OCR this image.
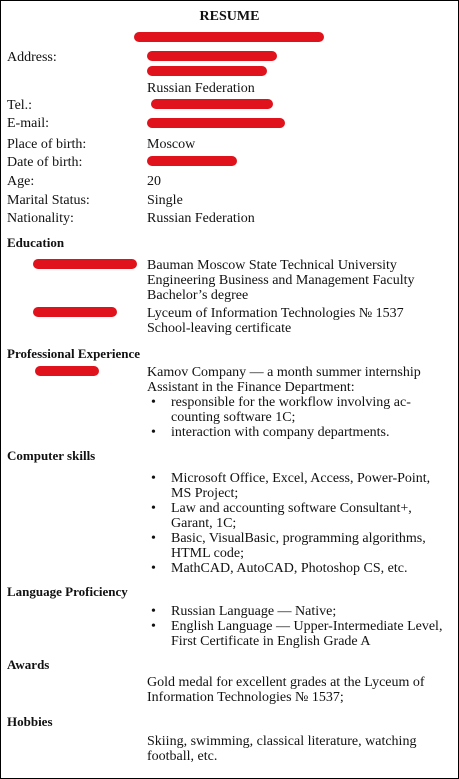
RESUME
Address:
Russian Federation
Tel.:
E-mail:
Place of birth:	Moscow
Date of birth:
Age:	20
Marital Status:	Single
Nationality:	Russian Federation
Education
Bauman Moscow State Technical University
Engineering Business and Management Faculty
Bachelor’s degree
Lyceum of Information Technologies № 1537
School-leaving certificate
Professional Experience
Kamov Company — a month summer internship
Assistant in the Finance Department:
• responsible for the workflow involving ac-counting software 1C;
• interaction with company departments.
Computer skills
• Microsoft Office, Excel, Access, Power-Point, MS Project;
• Law and accounting software Consultant+, Garant, 1C;
• Basic, VisualBasic, programming algorithms, HTML code;
• MathCAD, AutoCAD, Photoshop CS, etc.
Language Proficiency
• Russian Language — Native;
• English Language — Upper-Intermediate Level, First Certificate in English Grade A
Awards
Gold medal for excellent grades at the Lyceum of Information Technologies № 1537;
Hobbies
Skiing, swimming, classical literature, watching football, etc.
